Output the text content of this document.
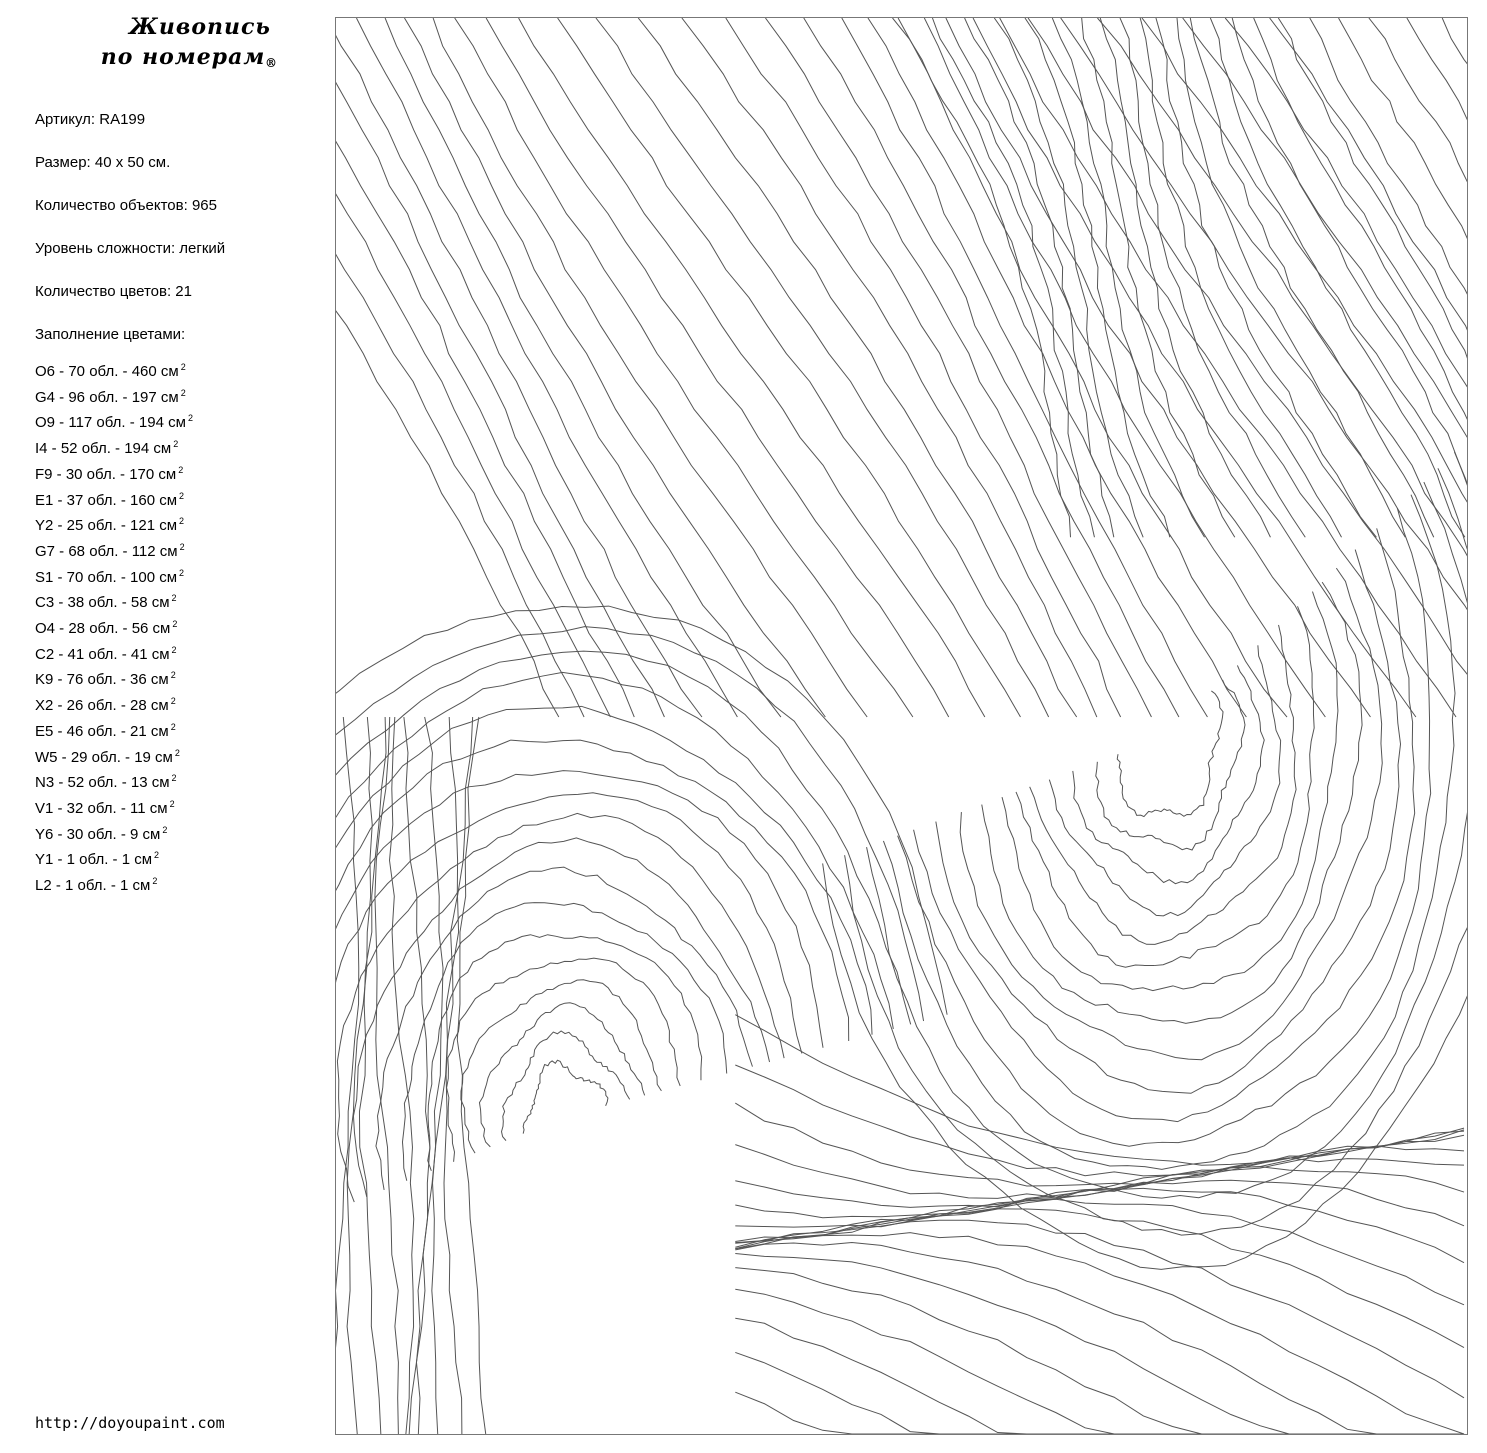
Живопись
по номерам ®
Артикул: RA199
Размер: 40 x 50 см.
Количество объектов: 965
Уровень сложности: легкий
Количество цветов: 21
Заполнение цветами:
O6 - 70 обл. - 460 см $^2$
G4 - 96 обл. - 197 см $^2$
O9 - 117 обл. - 194 см $^2$
I4 - 52 обл. - 194 см $^2$
F9 - 30 обл. - 170 см $^2$
E1 - 37 обл. - 160 см $^2$
Y2 - 25 обл. - 121 см $^2$
G7 - 68 обл. - 112 см $^2$
S1 - 70 обл. - 100 см $^2$
C3 - 38 обл. - 58 см $^2$
O4 - 28 обл. - 56 см $^2$
C2 - 41 обл. - 41 см $^2$
K9 - 76 обл. - 36 см $^2$
X2 - 26 обл. - 28 см $^2$
E5 - 46 обл. - 21 см $^2$
W5 - 29 обл. - 19 см $^2$
N3 - 52 обл. - 13 см $^2$
V1 - 32 обл. - 11 см $^2$
Y6 - 30 обл. - 9 см $^2$
Y1 - 1 обл. - 1 см $^2$
L2 - 1 обл. - 1 см $^2$
http://doyoupaint.com
